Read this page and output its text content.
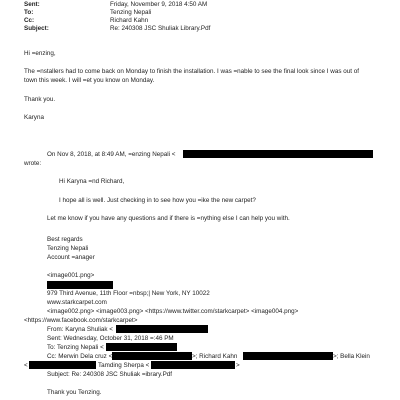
Sent:	Friday, November 9, 2018 4:50 AM
To:	Tenzing Nepali
Cc:	Richard Kahn
Subject:	Re: 240308 JSC Shuliak Library.Pdf
Hi =enzing,
The =nstallers had to come back on Monday to finish the installation. I was =nable to see the final look since I was out of
town this week. I will =et you know on Monday.
Thank you.
Karyna
On Nov 8, 2018, at 8:49 AM, =enzing Nepali <
wrote:
Hi Karyna =nd Richard,
I hope all is well. Just checking in to see how you =ike the new carpet?
Let me know if you have any questions and if there is =nything else I can help you with.
Best regards
Tenzing Nepali
Account =anager
<image001.png>
979 Third Avenue, 11th Floor =nbsp;| New York, NY 10022
www.starkcarpet.com
<image002.png> <image003.png> <https://www.twitter.com/starkcarpet> <image004.png>
<https://www.facebook.com/starkcarpet>
From: Karyna Shuliak <
Sent: Wednesday, October 31, 2018 =:46 PM
To: Tenzing Nepali <
Cc: Merwin Dela cruz <	>; Richard Kahn	>; Bella Klein
<	Tamding Sherpa <	>
Subject: Re: 240308 JSC Shuliak =ibrary.Pdf
Thank you Tenzing.
